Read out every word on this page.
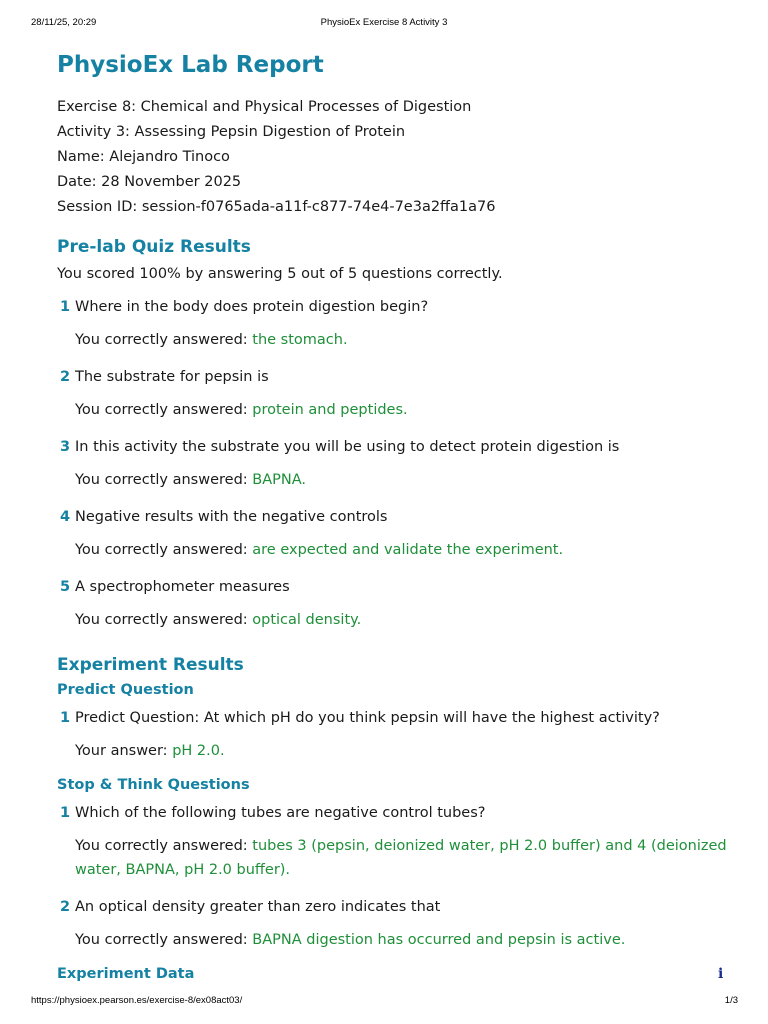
28/11/25, 20:29	PhysioEx Exercise 8 Activity 3
PhysioEx Lab Report
Exercise 8: Chemical and Physical Processes of Digestion
Activity 3: Assessing Pepsin Digestion of Protein
Name: Alejandro Tinoco
Date: 28 November 2025
Session ID: session-f0765ada-a11f-c877-74e4-7e3a2ffa1a76
Pre-lab Quiz Results
You scored 100% by answering 5 out of 5 questions correctly.
1 Where in the body does protein digestion begin?
You correctly answered: the stomach.
2 The substrate for pepsin is
You correctly answered: protein and peptides.
3 In this activity the substrate you will be using to detect protein digestion is
You correctly answered: BAPNA.
4 Negative results with the negative controls
You correctly answered: are expected and validate the experiment.
5 A spectrophometer measures
You correctly answered: optical density.
Experiment Results
Predict Question
1 Predict Question: At which pH do you think pepsin will have the highest activity?
Your answer: pH 2.0.
Stop & Think Questions
1 Which of the following tubes are negative control tubes?
You correctly answered: tubes 3 (pepsin, deionized water, pH 2.0 buffer) and 4 (deionized water, BAPNA, pH 2.0 buffer).
2 An optical density greater than zero indicates that
You correctly answered: BAPNA digestion has occurred and pepsin is active.
Experiment Data	i
https://physioex.pearson.es/exercise-8/ex08act03/	1/3
